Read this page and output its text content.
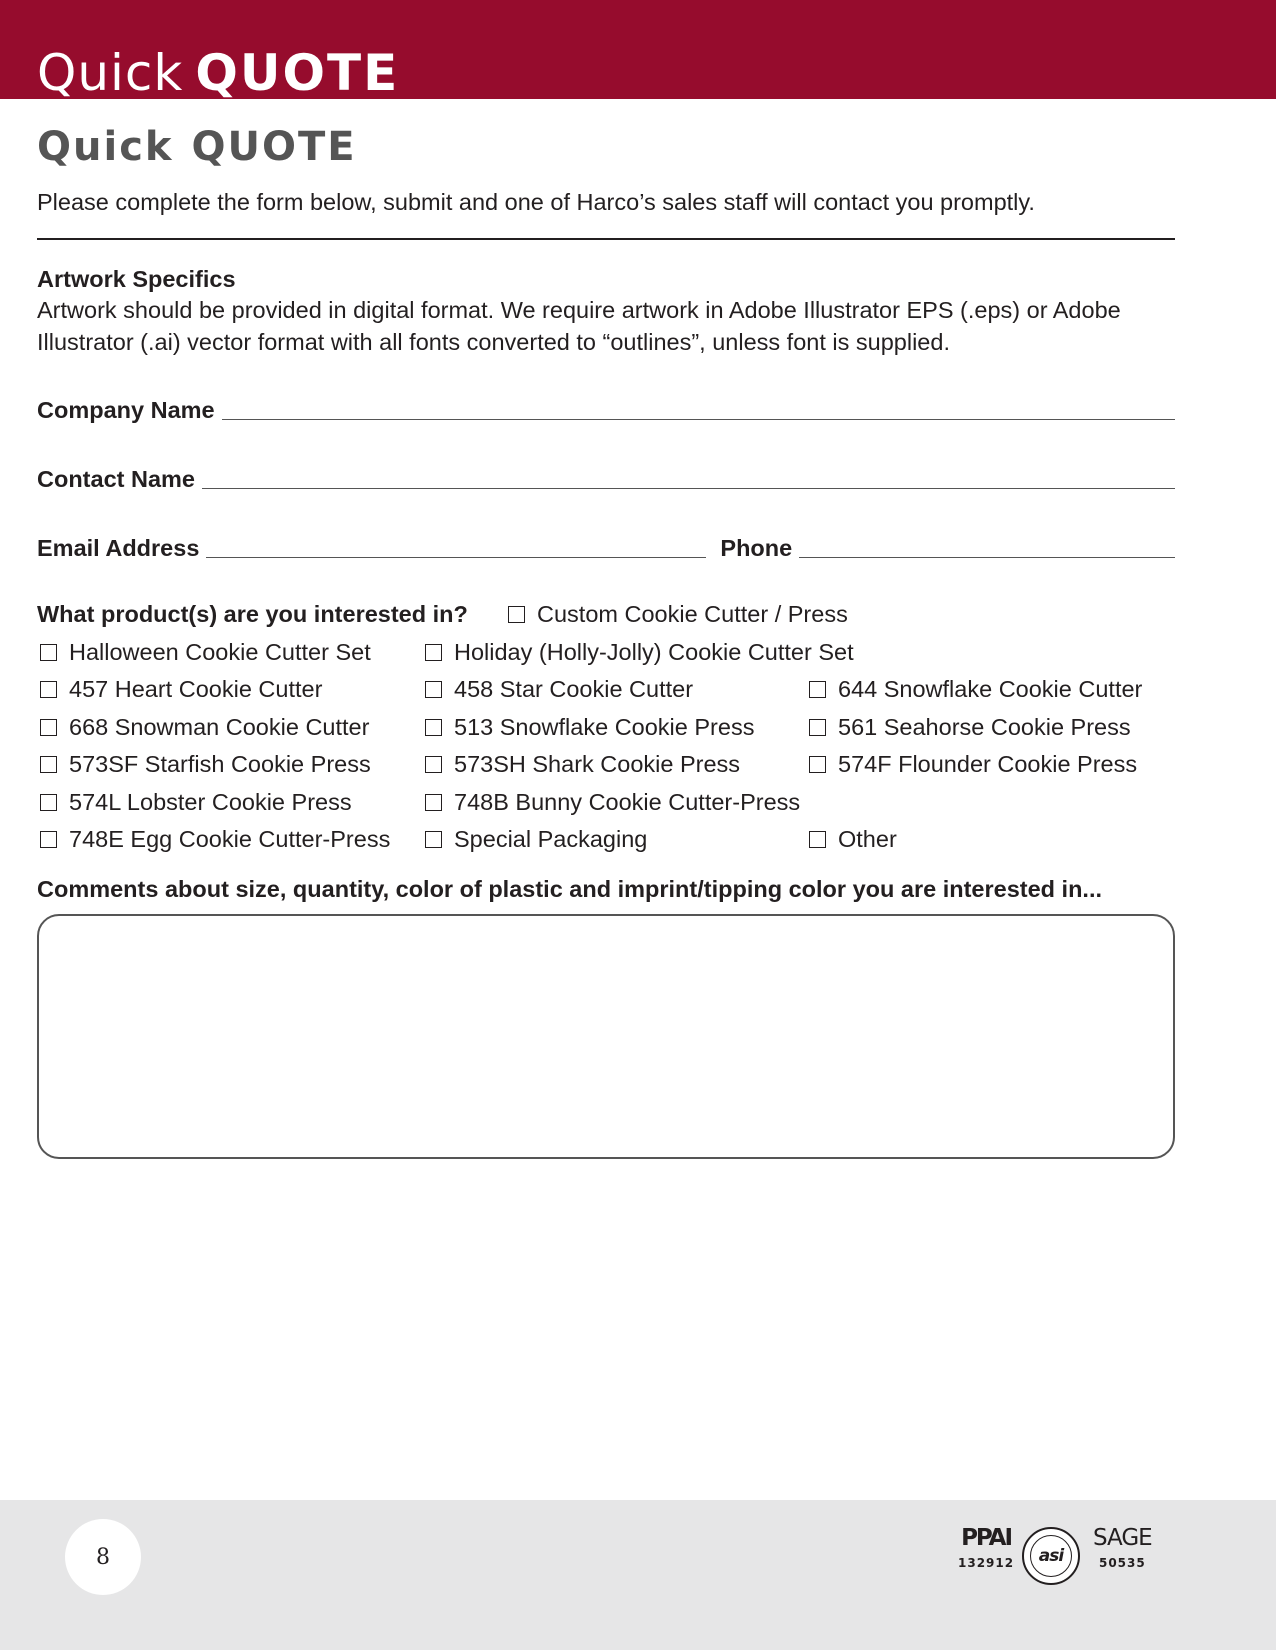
Quick QUOTE
Quick QUOTE
Please complete the form below, submit and one of Harco’s sales staff will contact you promptly.
Artwork Specifics
Artwork should be provided in digital format. We require artwork in Adobe Illustrator EPS (.eps) or Adobe Illustrator (.ai) vector format with all fonts converted to “outlines”, unless font is supplied.
Company Name
Contact Name
Email Address	Phone
What product(s) are you interested in?	Custom Cookie Cutter / Press
Halloween Cookie Cutter Set	Holiday (Holly-Jolly) Cookie Cutter Set
457 Heart Cookie Cutter	458 Star Cookie Cutter	644 Snowflake Cookie Cutter
668 Snowman Cookie Cutter	513 Snowflake Cookie Press	561 Seahorse Cookie Press
573SF Starfish Cookie Press	573SH Shark Cookie Press	574F Flounder Cookie Press
574L Lobster Cookie Press	748B Bunny Cookie Cutter-Press
748E Egg Cookie Cutter-Press	Special Packaging	Other
Comments about size, quantity, color of plastic and imprint/tipping color you are interested in...
8
PPAI
132912	asi
SAGE
50535
